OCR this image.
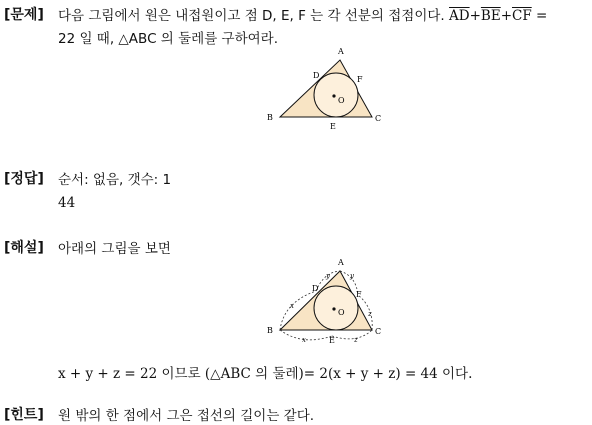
[문제] 다음 그림에서 원은 내접원이고 점 D, E, F 는 각 선분의 접점이다. $\overline{AD}+\overline{BE}+\overline{CF}$ =
22 일 때, △ABC 의 둘레를 구하여라.
A
B	C
D
E
F
O
[정답] 순서: 없음, 갯수: 1
44
[해설] 아래의 그림을 보면
A
B	C
D
E
F
O
x
x
y	y
z
z
x + y + z = 22 이므로 (△ABC 의 둘레)= 2(x + y + z) = 44 이다.
[힌트] 원 밖의 한 점에서 그은 접선의 길이는 같다.
